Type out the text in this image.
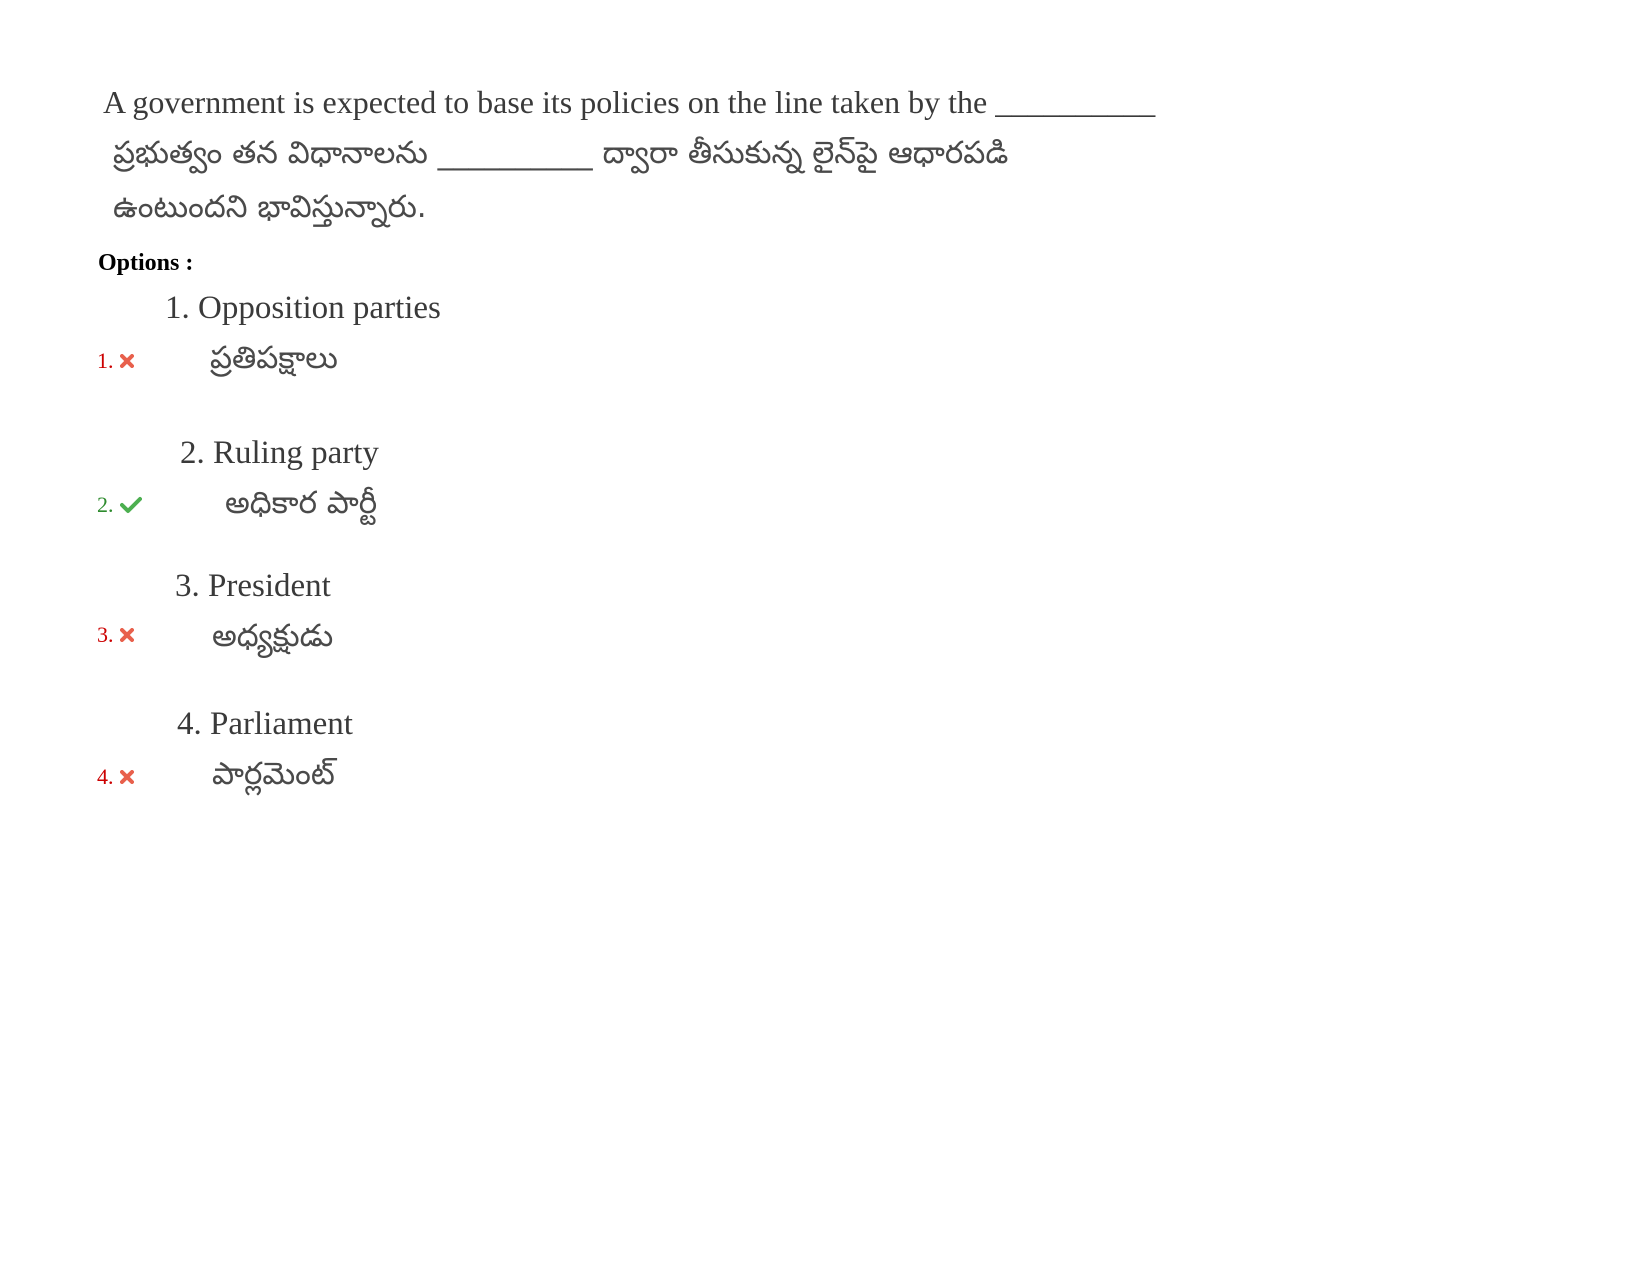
A government is expected to base its policies on the line taken by the __________
ప్రభుత్వం తన విధానాలను __________ ద్వారా తీసుకున్న లైన్‌పై ఆధారపడి
ఉంటుందని భావిస్తున్నారు.
Options :
1.
1. Opposition parties
ప్రతిపక్షాలు
2.
2. Ruling party
అధికార పార్టీ
3.
3. President
అధ్యక్షుడు
4.
4. Parliament
పార్లమెంట్
